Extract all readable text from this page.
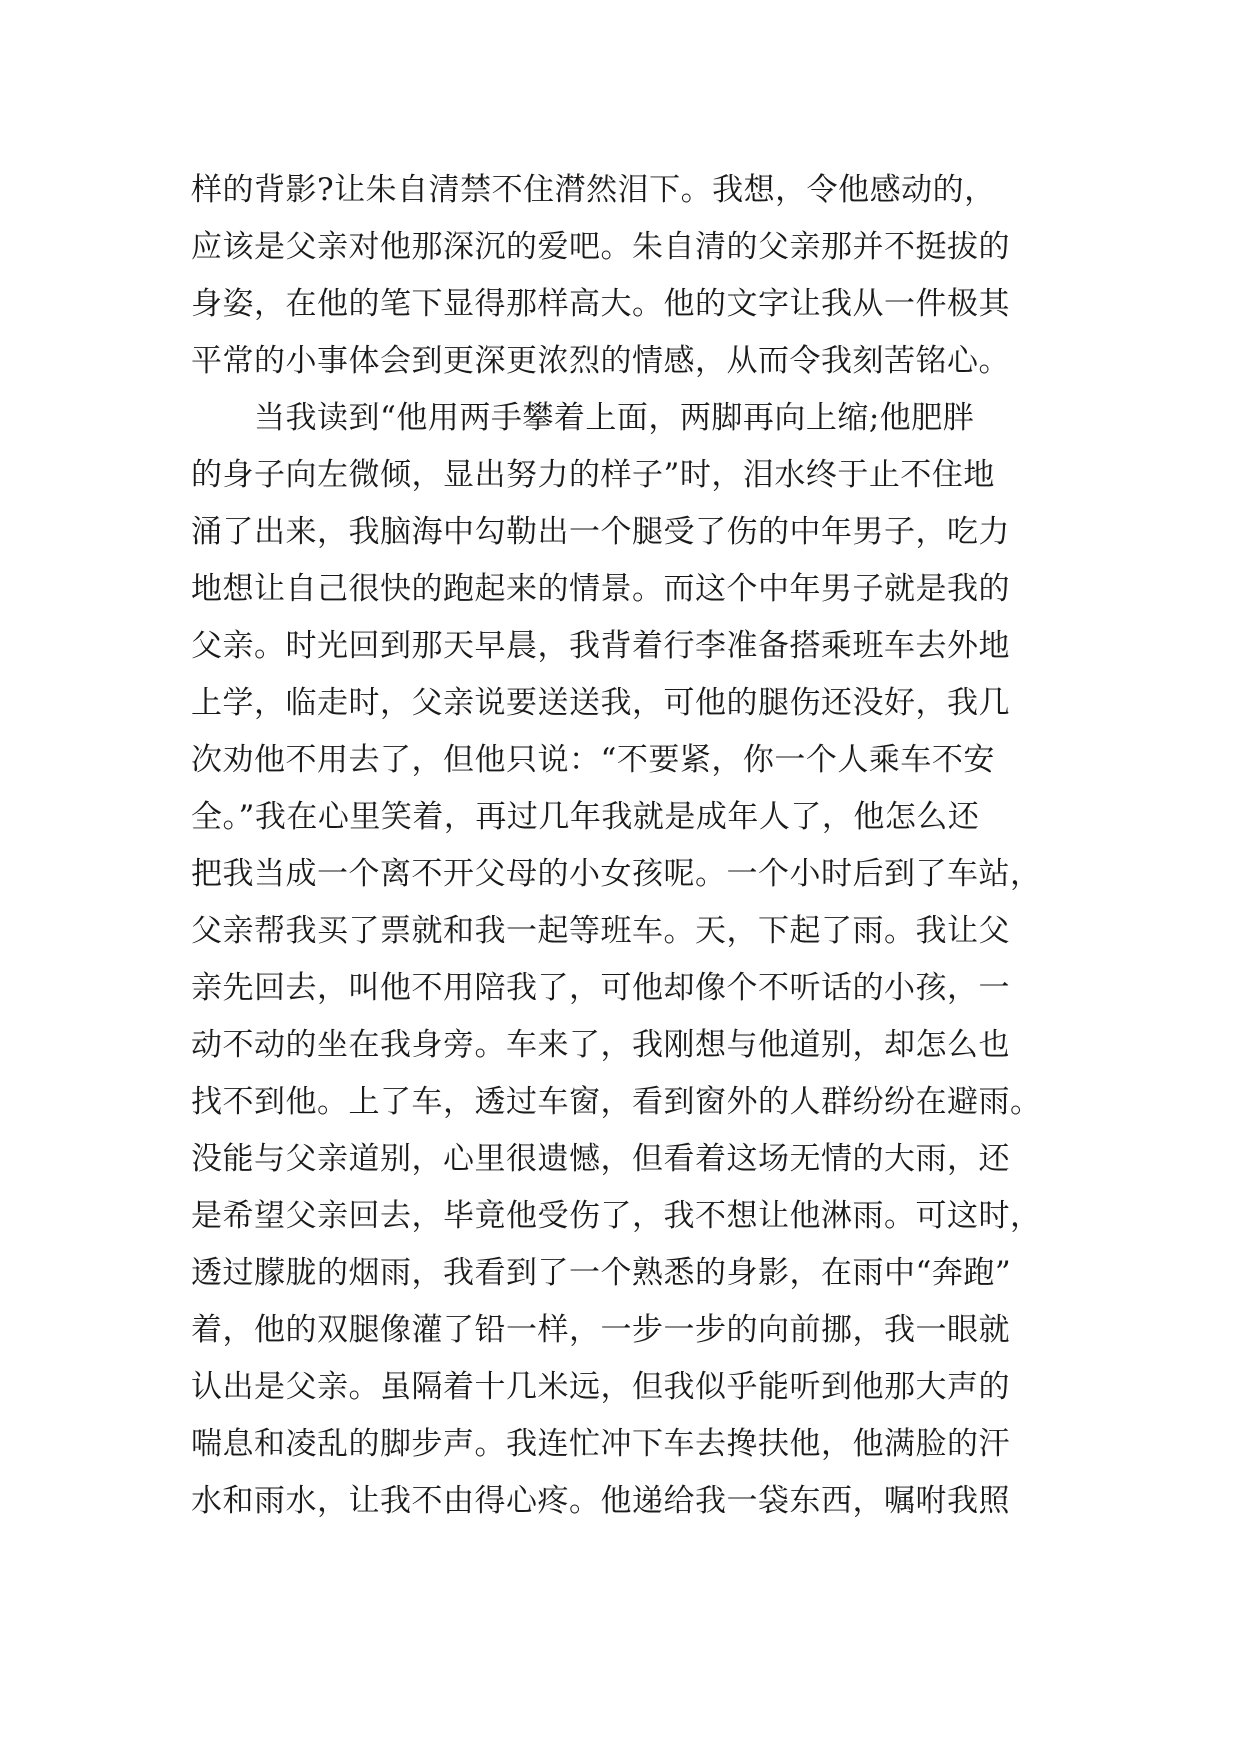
样的背影?让朱自清禁不住潸然泪下。我想，令他感动的，
应该是父亲对他那深沉的爱吧。朱自清的父亲那并不挺拔的
身姿，在他的笔下显得那样高大。他的文字让我从一件极其
平常的小事体会到更深更浓烈的情感，从而令我刻苦铭心。
　　当我读到“他用两手攀着上面，两脚再向上缩;他肥胖
的身子向左微倾，显出努力的样子”时，泪水终于止不住地
涌了出来，我脑海中勾勒出一个腿受了伤的中年男子，吃力
地想让自己很快的跑起来的情景。而这个中年男子就是我的
父亲。时光回到那天早晨，我背着行李准备搭乘班车去外地
上学，临走时，父亲说要送送我，可他的腿伤还没好，我几
次劝他不用去了，但他只说：“不要紧，你一个人乘车不安
全。”我在心里笑着，再过几年我就是成年人了，他怎么还
把我当成一个离不开父母的小女孩呢。一个小时后到了车站，
父亲帮我买了票就和我一起等班车。天，下起了雨。我让父
亲先回去，叫他不用陪我了，可他却像个不听话的小孩，一
动不动的坐在我身旁。车来了，我刚想与他道别，却怎么也
找不到他。上了车，透过车窗，看到窗外的人群纷纷在避雨。
没能与父亲道别，心里很遗憾，但看着这场无情的大雨，还
是希望父亲回去，毕竟他受伤了，我不想让他淋雨。可这时，
透过朦胧的烟雨，我看到了一个熟悉的身影，在雨中“奔跑”
着，他的双腿像灌了铅一样，一步一步的向前挪，我一眼就
认出是父亲。虽隔着十几米远，但我似乎能听到他那大声的
喘息和凌乱的脚步声。我连忙冲下车去搀扶他，他满脸的汗
水和雨水，让我不由得心疼。他递给我一袋东西，嘱咐我照
